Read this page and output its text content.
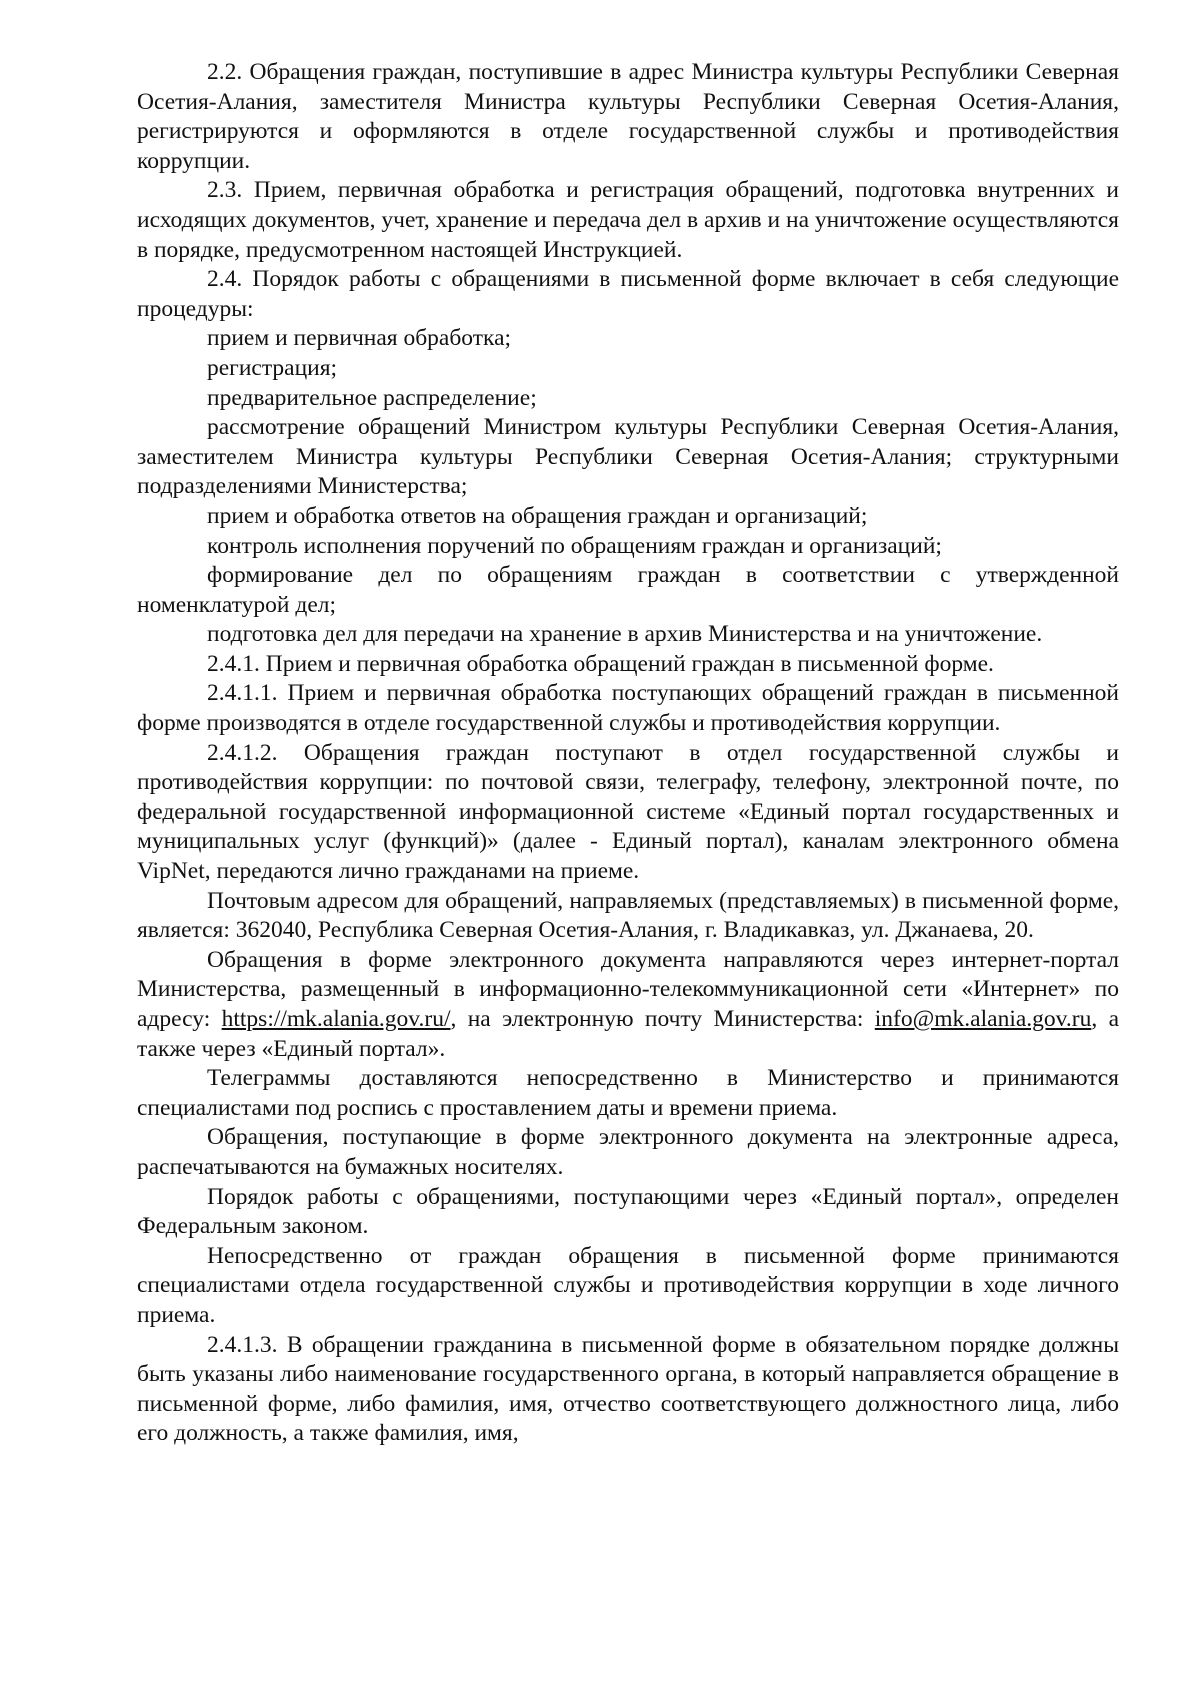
2.2. Обращения граждан, поступившие в адрес Министра культуры Республики Северная Осетия-Алания, заместителя Министра культуры Республики Северная Осетия-Алания, регистрируются и оформляются в отделе государственной службы и противодействия коррупции.

2.3. Прием, первичная обработка и регистрация обращений, подготовка внутренних и исходящих документов, учет, хранение и передача дел в архив и на уничтожение осуществляются в порядке, предусмотренном настоящей Инструкцией.

2.4. Порядок работы с обращениями в письменной форме включает в себя следующие процедуры:

прием и первичная обработка;

регистрация;

предварительное распределение;

рассмотрение обращений Министром культуры Республики Северная Осетия-Алания, заместителем Министра культуры Республики Северная Осетия-Алания; структурными подразделениями Министерства;

прием и обработка ответов на обращения граждан и организаций;

контроль исполнения поручений по обращениям граждан и организаций;

формирование дел по обращениям граждан в соответствии с утвержденной номенклатурой дел;

подготовка дел для передачи на хранение в архив Министерства и на уничтожение.

2.4.1. Прием и первичная обработка обращений граждан в письменной форме.

2.4.1.1. Прием и первичная обработка поступающих обращений граждан в письменной форме производятся в отделе государственной службы и противодействия коррупции.

2.4.1.2. Обращения граждан поступают в отдел государственной службы и противодействия коррупции: по почтовой связи, телеграфу, телефону, электронной почте, по федеральной государственной информационной системе «Единый портал государственных и муниципальных услуг (функций)» (далее - Единый портал), каналам электронного обмена VipNet, передаются лично гражданами на приеме.

Почтовым адресом для обращений, направляемых (представляемых) в письменной форме, является: 362040, Республика Северная Осетия-Алания, г. Владикавказ, ул. Джанаева, 20.

Обращения в форме электронного документа направляются через интернет-портал Министерства, размещенный в информационно-телекоммуникационной сети «Интернет» по адресу: https://mk.alania.gov.ru/, на электронную почту Министерства: info@mk.alania.gov.ru, а также через «Единый портал».

Телеграммы доставляются непосредственно в Министерство и принимаются специалистами под роспись с проставлением даты и времени приема.

Обращения, поступающие в форме электронного документа на электронные адреса, распечатываются на бумажных носителях.

Порядок работы с обращениями, поступающими через «Единый портал», определен Федеральным законом.

Непосредственно от граждан обращения в письменной форме принимаются специалистами отдела государственной службы и противодействия коррупции в ходе личного приема.

2.4.1.3. В обращении гражданина в письменной форме в обязательном порядке должны быть указаны либо наименование государственного органа, в который направляется обращение в письменной форме, либо фамилия, имя, отчество соответствующего должностного лица, либо его должность, а также фамилия, имя,
